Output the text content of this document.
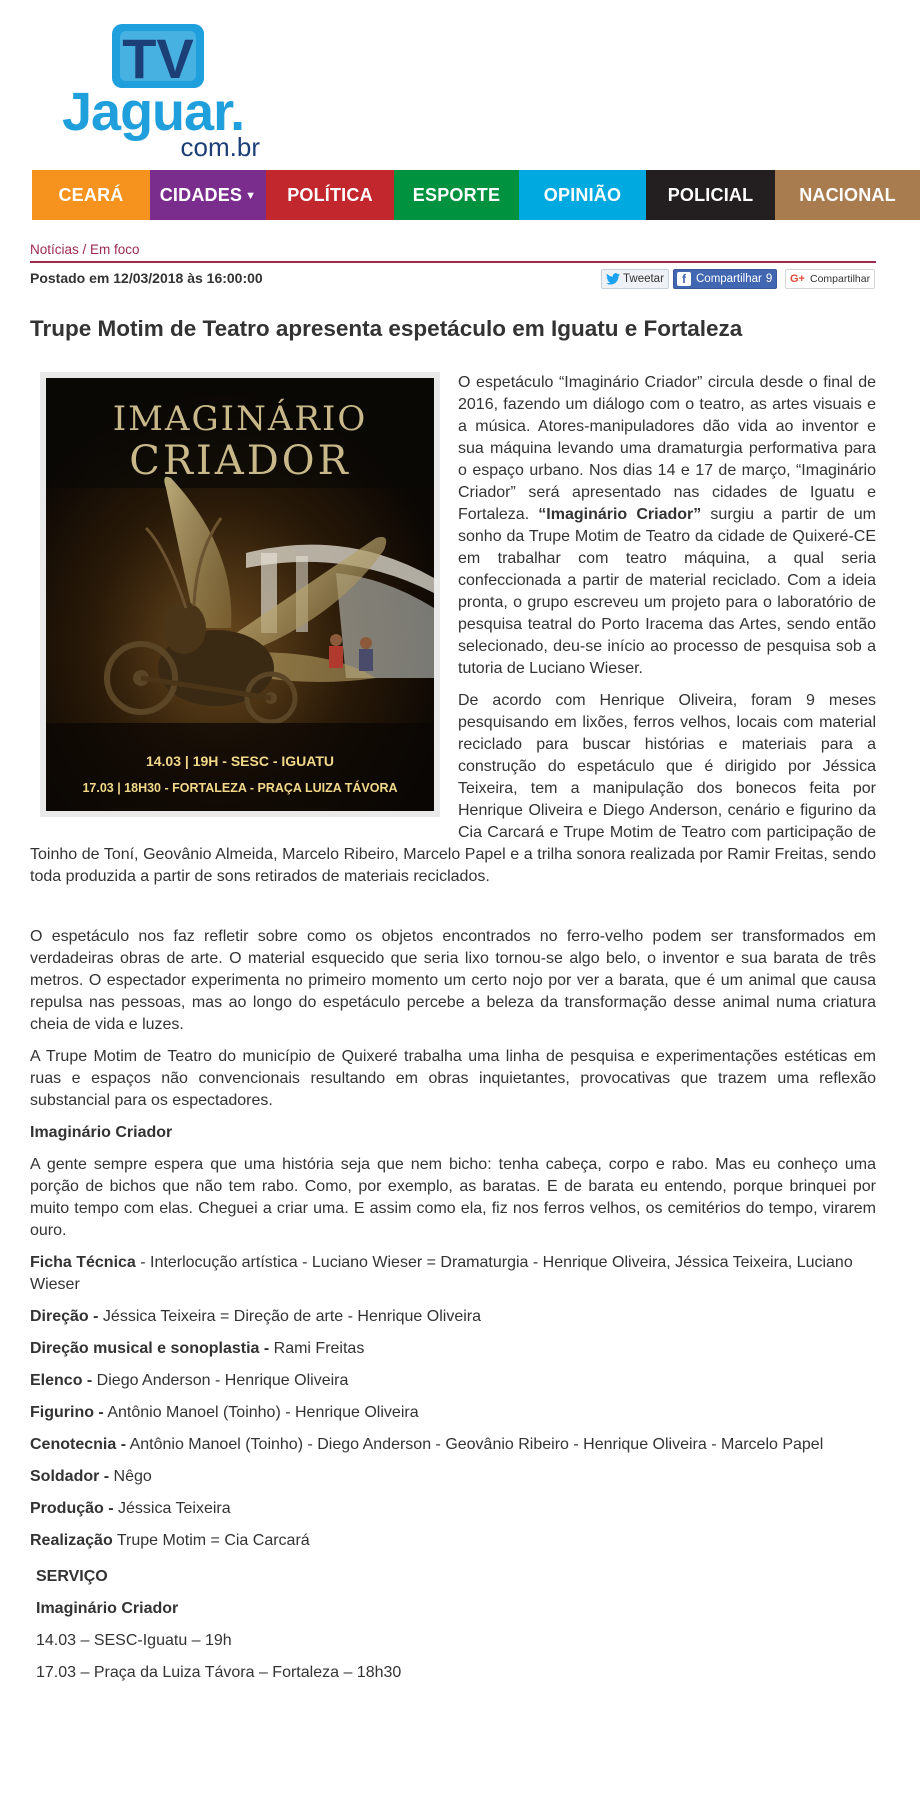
TV
Jaguar.
com.br
CEARÁ CIDADES ▼ POLÍTICA ESPORTE OPINIÃO	POLICIAL	NACIONAL
Notícias / Em foco
Postado em 12/03/2018 às 16:00:00	Tweetar	f Compartilhar 9 G+ Compartilhar
Trupe Motim de Teatro apresenta espetáculo em Iguatu e Fortaleza
IMAGINÁRIO
CRIADOR
14.03 | 19H - SESC - IGUATU
17.03 | 18H30 - FORTALEZA - PRAÇA LUIZA TÁVORA

O espetáculo “Imaginário Criador” circula desde o final de 2016, fazendo um diálogo com o teatro, as artes visuais e a música. Atores-manipuladores dão vida ao inventor e sua máquina levando uma dramaturgia performativa para o espaço urbano. Nos dias 14 e 17 de março, “Imaginário Criador” será apresentado nas cidades de Iguatu e Fortaleza. “Imaginário Criador” surgiu a partir de um sonho da Trupe Motim de Teatro da cidade de Quixeré-CE em trabalhar com teatro máquina, a qual seria confeccionada a partir de material reciclado. Com a ideia pronta, o grupo escreveu um projeto para o laboratório de pesquisa teatral do Porto Iracema das Artes, sendo então selecionado, deu-se início ao processo de pesquisa sob a tutoria de Luciano Wieser.

De acordo com Henrique Oliveira, foram 9 meses pesquisando em lixões, ferros velhos, locais com material reciclado para buscar histórias e materiais para a construção do espetáculo que é dirigido por Jéssica Teixeira, tem a manipulação dos bonecos feita por Henrique Oliveira e Diego Anderson, cenário e figurino da Cia Carcará e Trupe Motim de Teatro com participação de Toinho de Toní, Geovânio Almeida, Marcelo Ribeiro, Marcelo Papel e a trilha sonora realizada por Ramir Freitas, sendo toda produzida a partir de sons retirados de materiais reciclados.

O espetáculo nos faz refletir sobre como os objetos encontrados no ferro-velho podem ser transformados em verdadeiras obras de arte. O material esquecido que seria lixo tornou-se algo belo, o inventor e sua barata de três metros. O espectador experimenta no primeiro momento um certo nojo por ver a barata, que é um animal que causa repulsa nas pessoas, mas ao longo do espetáculo percebe a beleza da transformação desse animal numa criatura cheia de vida e luzes.

A Trupe Motim de Teatro do município de Quixeré trabalha uma linha de pesquisa e experimentações estéticas em ruas e espaços não convencionais resultando em obras inquietantes, provocativas que trazem uma reflexão substancial para os espectadores.

Imaginário Criador

A gente sempre espera que uma história seja que nem bicho: tenha cabeça, corpo e rabo. Mas eu conheço uma porção de bichos que não tem rabo. Como, por exemplo, as baratas. E de barata eu entendo, porque brinquei por muito tempo com elas. Cheguei a criar uma. E assim como ela, fiz nos ferros velhos, os cemitérios do tempo, virarem ouro.

Ficha Técnica - Interlocução artística - Luciano Wieser = Dramaturgia - Henrique Oliveira, Jéssica Teixeira, Luciano Wieser

Direção - Jéssica Teixeira = Direção de arte - Henrique Oliveira

Direção musical e sonoplastia - Rami Freitas

Elenco - Diego Anderson - Henrique Oliveira

Figurino - Antônio Manoel (Toinho) - Henrique Oliveira

Cenotecnia - Antônio Manoel (Toinho) - Diego Anderson - Geovânio Ribeiro - Henrique Oliveira - Marcelo Papel

Soldador - Nêgo

Produção - Jéssica Teixeira

Realização Trupe Motim = Cia Carcará

SERVIÇO

Imaginário Criador

14.03 – SESC-Iguatu – 19h

17.03 – Praça da Luiza Távora – Fortaleza – 18h30
